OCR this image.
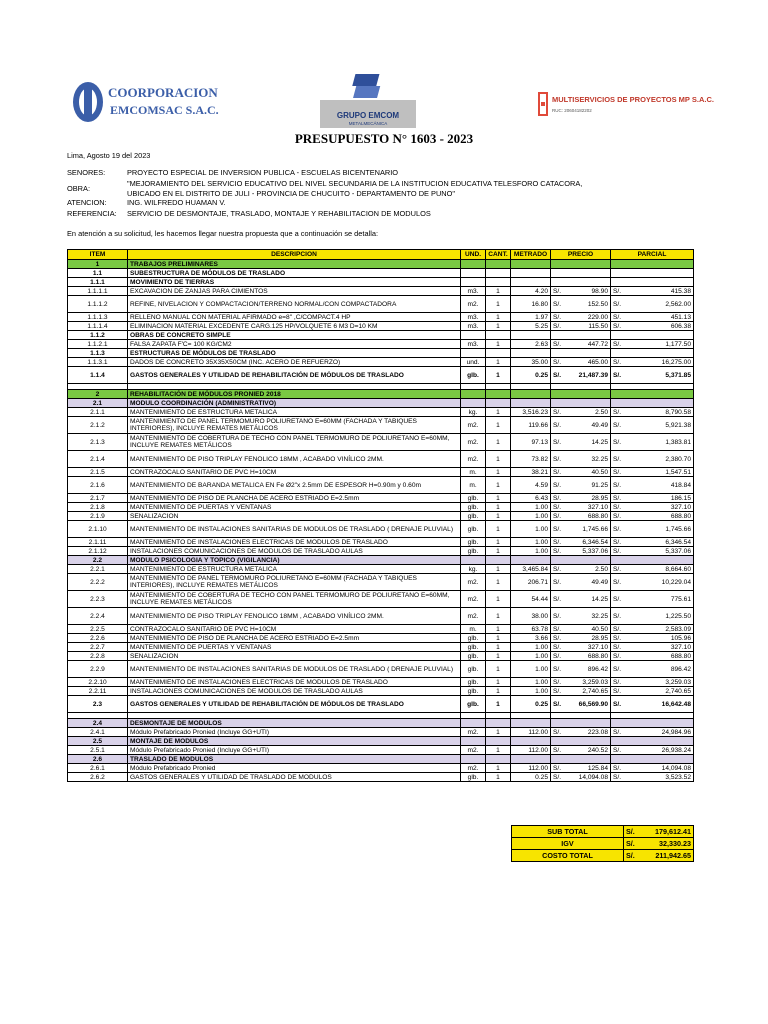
COORPORACION
EMCOMSAC S.A.C.	GRUPO EMCOM
METALMECÁNICA
MULTISERVICIOS DE PROYECTOS MP S.A.C.
RUC: 20604182202
PRESUPUESTO N° 1603 - 2023
Lima, Agosto 19 del 2023
SENORES:	PROYECTO ESPECIAL DE INVERSION PUBLICA - ESCUELAS BICENTENARIO
"MEJORAMIENTO DEL SERVICIO EDUCATIVO DEL NIVEL SECUNDARIA DE LA INSTITUCION EDUCATIVA TELESFORO CATACORA,
OBRA:
UBICADO EN EL DISTRITO DE JULI - PROVINCIA DE CHUCUITO - DEPARTAMENTO DE PUNO"
ATENCION:	ING. WILFREDO HUAMAN V.
REFERENCIA: SERVICIO DE DESMONTAJE, TRASLADO, MONTAJE Y REHABILITACION DE MODULOS
En atención a su solicitud, les hacemos llegar nuestra propuesta que a continuación se detalla:
ITEM	DESCRIPCION	UND.	CANT.	METRADO	PRECIO		PARCIAL	
1	TRABAJOS PRELIMINARES							
1.1	SUBESTRUCTURA DE MÓDULOS DE TRASLADO							
1.1.1	MOVIMIENTO DE TIERRAS							
1.1.1.1	EXCAVACION DE ZANJAS PARA CIMIENTOS	m3.	1	4.20	S/.	98.90	S/.	415.38
1.1.1.2	REFINE, NIVELACION Y COMPACTACION/TERRENO NORMAL/CON COMPACTADORA	m2.	1	16.80	S/.	152.50	S/.	2,562.00
1.1.1.3	RELLENO MANUAL CON MATERIAL AFIRMADO e=8" ,C/COMPACT.4 HP	m3.	1	1.97	S/.	229.00	S/.	451.13
1.1.1.4	ELIMINACION MATERIAL EXCEDENTE CARG.125 HP/VOLQUETE 6 M3 D=10 KM	m3.	1	5.25	S/.	115.50	S/.	606.38
1.1.2	OBRAS DE CONCRETO SIMPLE							
1.1.2.1	FALSA ZAPATA F'C= 100 KG/CM2	m3.	1	2.63	S/.	447.72	S/.	1,177.50
1.1.3	ESTRUCTURAS DE MÓDULOS DE TRASLADO							
1.1.3.1	DADOS DE CONCRETO 35X35X50CM (INC. ACERO DE REFUERZO)	und.	1	35.00	S/.	465.00	S/.	16,275.00
1.1.4	GASTOS GENERALES Y UTILIDAD DE REHABILITACIÓN DE MÓDULOS DE TRASLADO	glb.	1	0.25	S/.	21,487.39	S/.	5,371.85

2	REHABILITACIÓN DE MÓDULOS PRONIED 2018							
2.1	MODULO COORDINACIÓN (ADMINISTRATIVO)							
2.1.1	MANTENIMIENTO DE ESTRUCTURA METALICA	kg.	1	3,516.23	S/.	2.50	S/.	8,790.58
2.1.2	MANTENIMIENTO DE PANEL TERMOMURO POLIURETANO E=60MM (FACHADA Y TABIQUES INTERIORES), INCLUYE REMATES METÁLICOS	m2.	1	119.66	S/.	49.49	S/.	5,921.38
2.1.3	MANTENIMIENTO DE COBERTURA DE TECHO CON PANEL TERMOMURO DE POLIURETANO E=60MM, INCLUYE REMATES METÁLICOS	m2.	1	97.13	S/.	14.25	S/.	1,383.81
2.1.4	MANTENIMIENTO DE PISO TRIPLAY FENOLICO 18MM , ACABADO VINÍLICO 2MM.	m2.	1	73.82	S/.	32.25	S/.	2,380.70
2.1.5	CONTRAZOCALO SANITARIO DE PVC H=10CM	m.	1	38.21	S/.	40.50	S/.	1,547.51
2.1.6	MANTENIMIENTO DE BARANDA METALICA EN Fe Ø2"x 2.5mm DE ESPESOR H=0.90m y 0.60m	m.	1	4.59	S/.	91.25	S/.	418.84
2.1.7	MANTENIMIENTO DE PISO DE PLANCHA DE ACERO ESTRIADO E=2.5mm	glb.	1	6.43	S/.	28.95	S/.	186.15
2.1.8	MANTENIMIENTO DE PUERTAS Y VENTANAS	glb.	1	1.00	S/.	327.10	S/.	327.10
2.1.9	SENALIZACION	glb.	1	1.00	S/.	688.80	S/.	688.80
2.1.10	MANTENIMIENTO DE INSTALACIONES SANITARIAS DE MODULOS DE TRASLADO ( DRENAJE PLUVIAL)	glb.	1	1.00	S/.	1,745.66	S/.	1,745.66
2.1.11	MANTENIMIENTO DE INSTALACIONES ELECTRICAS DE MODULOS DE TRASLADO	glb.	1	1.00	S/.	6,346.54	S/.	6,346.54
2.1.12	INSTALACIONES COMUNICACIONES DE MODULOS DE TRASLADO AULAS	glb.	1	1.00	S/.	5,337.06	S/.	5,337.06
2.2	MODULO PSICOLOGIA Y TOPICO (VIGILANCIA)							
2.2.1	MANTENIMIENTO DE ESTRUCTURA METALICA	kg.	1	3,465.84	S/.	2.50	S/.	8,664.60
2.2.2	MANTENIMIENTO DE PANEL TERMOMURO POLIURETANO E=60MM (FACHADA Y TABIQUES INTERIORES), INCLUYE REMATES METÁLICOS	m2.	1	206.71	S/.	49.49	S/.	10,229.04
2.2.3	MANTENIMIENTO DE COBERTURA DE TECHO CON PANEL TERMOMURO DE POLIURETANO E=60MM, INCLUYE REMATES METÁLICOS	m2.	1	54.44	S/.	14.25	S/.	775.61
2.2.4	MANTENIMIENTO DE PISO TRIPLAY FENOLICO 18MM , ACABADO VINÍLICO 2MM.	m2.	1	38.00	S/.	32.25	S/.	1,225.50
2.2.5	CONTRAZOCALO SANITARIO DE PVC H=10CM	m.	1	63.78	S/.	40.50	S/.	2,583.09
2.2.6	MANTENIMIENTO DE PISO DE PLANCHA DE ACERO ESTRIADO E=2.5mm	glb.	1	3.66	S/.	28.95	S/.	105.96
2.2.7	MANTENIMIENTO DE PUERTAS Y VENTANAS	glb.	1	1.00	S/.	327.10	S/.	327.10
2.2.8	SENALIZACION	glb.	1	1.00	S/.	688.80	S/.	688.80
2.2.9	MANTENIMIENTO DE INSTALACIONES SANITARIAS DE MODULOS DE TRASLADO ( DRENAJE PLUVIAL)	glb.	1	1.00	S/.	896.42	S/.	896.42
2.2.10	MANTENIMIENTO DE INSTALACIONES ELECTRICAS DE MODULOS DE TRASLADO	glb.	1	1.00	S/.	3,259.03	S/.	3,259.03
2.2.11	INSTALACIONES COMUNICACIONES DE MODULOS DE TRASLADO AULAS	glb.	1	1.00	S/.	2,740.65	S/.	2,740.65
2.3	GASTOS GENERALES Y UTILIDAD DE REHABILITACIÓN DE MÓDULOS DE TRASLADO	glb.	1	0.25	S/.	66,569.90	S/.	16,642.48

2.4	DESMONTAJE DE MODULOS							
2.4.1	Módulo Prefabricado Pronied (Incluye GG+UTI)	m2.	1	112.00	S/.	223.08	S/.	24,984.96
2.5	MONTAJE DE MODULOS							
2.5.1	Módulo Prefabricado Pronied (Incluye GG+UTI)	m2.	1	112.00	S/.	240.52	S/.	26,938.24
2.6	TRASLADO DE MODULOS							
2.6.1	Módulo Prefabricado Pronied	m2.	1	112.00	S/.	125.84	S/.	14,094.08
2.6.2	GASTOS GENERALES Y UTILIDAD DE TRASLADO DE MODULOS	glb.	1	0.25	S/.	14,094.08	S/.	3,523.52
SUB TOTAL	S/.	179,612.41
IGV	S/.	32,330.23
COSTO TOTAL	S/.	211,942.65
